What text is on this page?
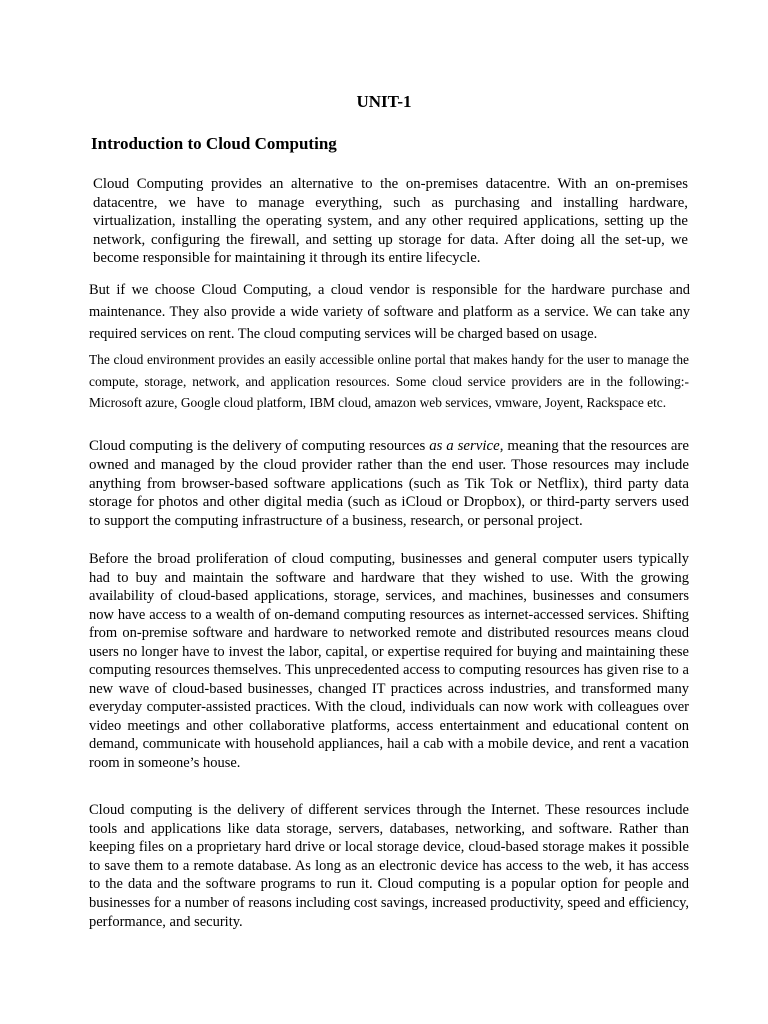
UNIT-1
Introduction to Cloud Computing

Cloud Computing provides an alternative to the on-premises datacentre. With an on-premises datacentre, we have to manage everything, such as purchasing and installing hardware, virtualization, installing the operating system, and any other required applications, setting up the network, configuring the firewall, and setting up storage for data. After doing all the set-up, we become responsible for maintaining it through its entire lifecycle.

But if we choose Cloud Computing, a cloud vendor is responsible for the hardware purchase and maintenance. They also provide a wide variety of software and platform as a service. We can take any required services on rent. The cloud computing services will be charged based on usage.

The cloud environment provides an easily accessible online portal that makes handy for the user to manage the compute, storage, network, and application resources. Some cloud service providers are in the following:- Microsoft azure, Google cloud platform, IBM cloud, amazon web services, vmware, Joyent, Rackspace etc.

Cloud computing is the delivery of computing resources as a service, meaning that the resources are owned and managed by the cloud provider rather than the end user. Those resources may include anything from browser-based software applications (such as Tik Tok or Netflix), third party data storage for photos and other digital media (such as iCloud or Dropbox), or third-party servers used to support the computing infrastructure of a business, research, or personal project.

Before the broad proliferation of cloud computing, businesses and general computer users typically had to buy and maintain the software and hardware that they wished to use. With the growing availability of cloud-based applications, storage, services, and machines, businesses and consumers now have access to a wealth of on-demand computing resources as internet-accessed services. Shifting from on-premise software and hardware to networked remote and distributed resources means cloud users no longer have to invest the labor, capital, or expertise required for buying and maintaining these computing resources themselves. This unprecedented access to computing resources has given rise to a new wave of cloud-based businesses, changed IT practices across industries, and transformed many everyday computer-assisted practices. With the cloud, individuals can now work with colleagues over video meetings and other collaborative platforms, access entertainment and educational content on demand, communicate with household appliances, hail a cab with a mobile device, and rent a vacation room in someone’s house.

Cloud computing is the delivery of different services through the Internet. These resources include tools and applications like data storage, servers, databases, networking, and software. Rather than keeping files on a proprietary hard drive or local storage device, cloud-based storage makes it possible to save them to a remote database. As long as an electronic device has access to the web, it has access to the data and the software programs to run it. Cloud computing is a popular option for people and businesses for a number of reasons including cost savings, increased productivity, speed and efficiency, performance, and security.
